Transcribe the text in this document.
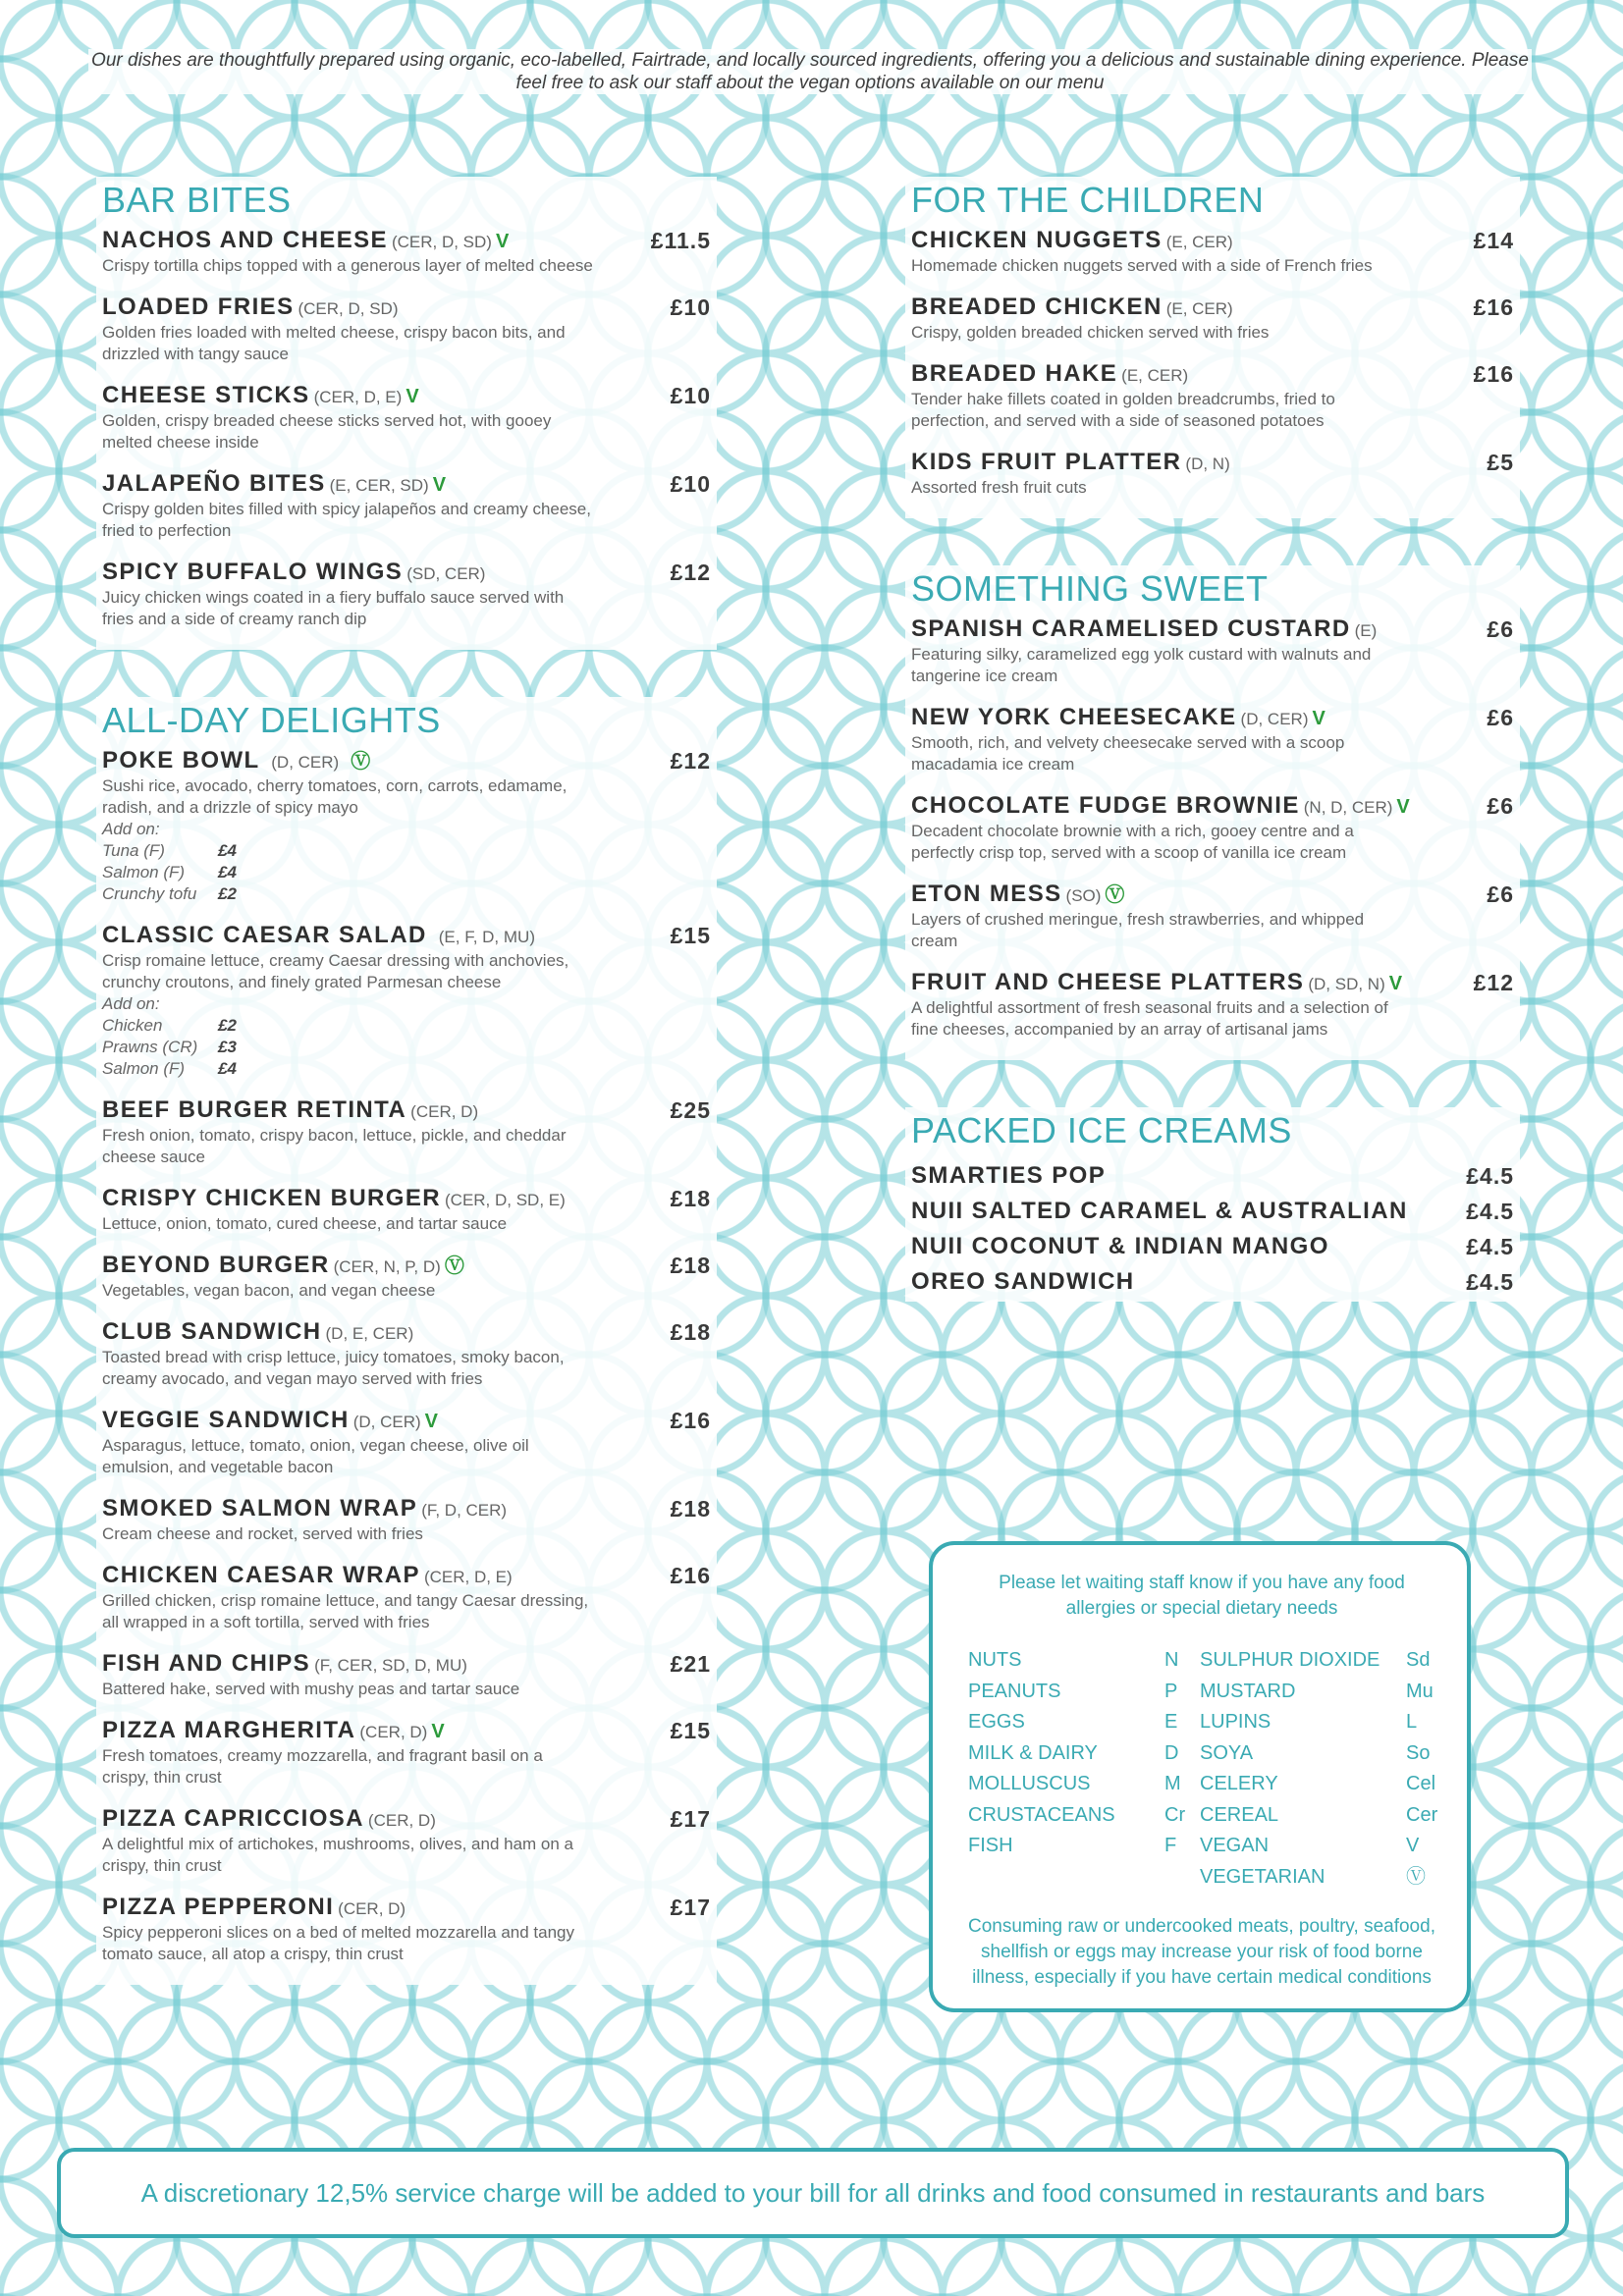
Our dishes are thoughtfully prepared using organic, eco-labelled, Fairtrade, and locally sourced ingredients, offering you a delicious and sustainable dining experience. Please feel free to ask our staff about the vegan options available on our menu
BAR BITES
NACHOS AND CHEESE (CER, D, SD) V	£11.5
Crispy tortilla chips topped with a generous layer of melted cheese
LOADED FRIES (CER, D, SD)	£10
Golden fries loaded with melted cheese, crispy bacon bits, and drizzled with tangy sauce
CHEESE STICKS (CER, D, E) V	£10
Golden, crispy breaded cheese sticks served hot, with gooey melted cheese inside
JALAPEÑO BITES (E, CER, SD) V	£10
Crispy golden bites filled with spicy jalapeños and creamy cheese, fried to perfection
SPICY BUFFALO WINGS (SD, CER)	£12
Juicy chicken wings coated in a fiery buffalo sauce served with fries and a side of creamy ranch dip
ALL-DAY DELIGHTS
POKE BOWL (D, CER) Ⓥ	£12
Sushi rice, avocado, cherry tomatoes, corn, carrots, edamame, radish, and a drizzle of spicy mayo
Add on:
Tuna (F)	£4
Salmon (F) £4
Crunchy tofu £2
CLASSIC CAESAR SALAD (E, F, D, MU)	£15
Crisp romaine lettuce, creamy Caesar dressing with anchovies, crunchy croutons, and finely grated Parmesan cheese
Add on:
Chicken	£2
Prawns (CR) £3
Salmon (F) £4
BEEF BURGER RETINTA (CER, D)	£25
Fresh onion, tomato, crispy bacon, lettuce, pickle, and cheddar cheese sauce
CRISPY CHICKEN BURGER (CER, D, SD, E)	£18
Lettuce, onion, tomato, cured cheese, and tartar sauce
BEYOND BURGER (CER, N, P, D) Ⓥ	£18
Vegetables, vegan bacon, and vegan cheese
CLUB SANDWICH (D, E, CER)	£18
Toasted bread with crisp lettuce, juicy tomatoes, smoky bacon, creamy avocado, and vegan mayo served with fries
VEGGIE SANDWICH (D, CER) V	£16
Asparagus, lettuce, tomato, onion, vegan cheese, olive oil emulsion, and vegetable bacon
SMOKED SALMON WRAP (F, D, CER)	£18
Cream cheese and rocket, served with fries
CHICKEN CAESAR WRAP (CER, D, E)	£16
Grilled chicken, crisp romaine lettuce, and tangy Caesar dressing, all wrapped in a soft tortilla, served with fries
FISH AND CHIPS (F, CER, SD, D, MU)	£21
Battered hake, served with mushy peas and tartar sauce
PIZZA MARGHERITA (CER, D) V	£15
Fresh tomatoes, creamy mozzarella, and fragrant basil on a crispy, thin crust
PIZZA CAPRICCIOSA (CER, D)	£17
A delightful mix of artichokes, mushrooms, olives, and ham on a crispy, thin crust
PIZZA PEPPERONI (CER, D)	£17
Spicy pepperoni slices on a bed of melted mozzarella and tangy tomato sauce, all atop a crispy, thin crust
FOR THE CHILDREN
CHICKEN NUGGETS (E, CER)	£14
Homemade chicken nuggets served with a side of French fries
BREADED CHICKEN (E, CER)	£16
Crispy, golden breaded chicken served with fries
BREADED HAKE (E, CER)	£16
Tender hake fillets coated in golden breadcrumbs, fried to perfection, and served with a side of seasoned potatoes
KIDS FRUIT PLATTER (D, N)	£5
Assorted fresh fruit cuts
SOMETHING SWEET
SPANISH CARAMELISED CUSTARD (E)	£6
Featuring silky, caramelized egg yolk custard with walnuts and tangerine ice cream
NEW YORK CHEESECAKE (D, CER) V	£6
Smooth, rich, and velvety cheesecake served with a scoop macadamia ice cream
CHOCOLATE FUDGE BROWNIE (N, D, CER) V	£6
Decadent chocolate brownie with a rich, gooey centre and a perfectly crisp top, served with a scoop of vanilla ice cream
ETON MESS (SO) Ⓥ	£6
Layers of crushed meringue, fresh strawberries, and whipped cream
FRUIT AND CHEESE PLATTERS (D, SD, N) V	£12
A delightful assortment of fresh seasonal fruits and a selection of fine cheeses, accompanied by an array of artisanal jams
PACKED ICE CREAMS
SMARTIES POP	£4.5
NUII SALTED CARAMEL & AUSTRALIAN	£4.5
NUII COCONUT & INDIAN MANGO	£4.5
OREO SANDWICH	£4.5
Please let waiting staff know if you have any food allergies or special dietary needs
NUTS	N
PEANUTS	P
EGGS	E
MILK & DAIRY	D
MOLLUSCUS	M
CRUSTACEANS	Cr
FISH	F
SULPHUR DIOXIDE Sd
MUSTARD	Mu
LUPINS	L
SOYA	So
CELERY	Cel
CEREAL	Cer
VEGAN	V
VEGETARIAN	Ⓥ
Consuming raw or undercooked meats, poultry, seafood, shellfish or eggs may increase your risk of food borne illness, especially if you have certain medical conditions
A discretionary 12,5% service charge will be added to your bill for all drinks and food consumed in restaurants and bars
